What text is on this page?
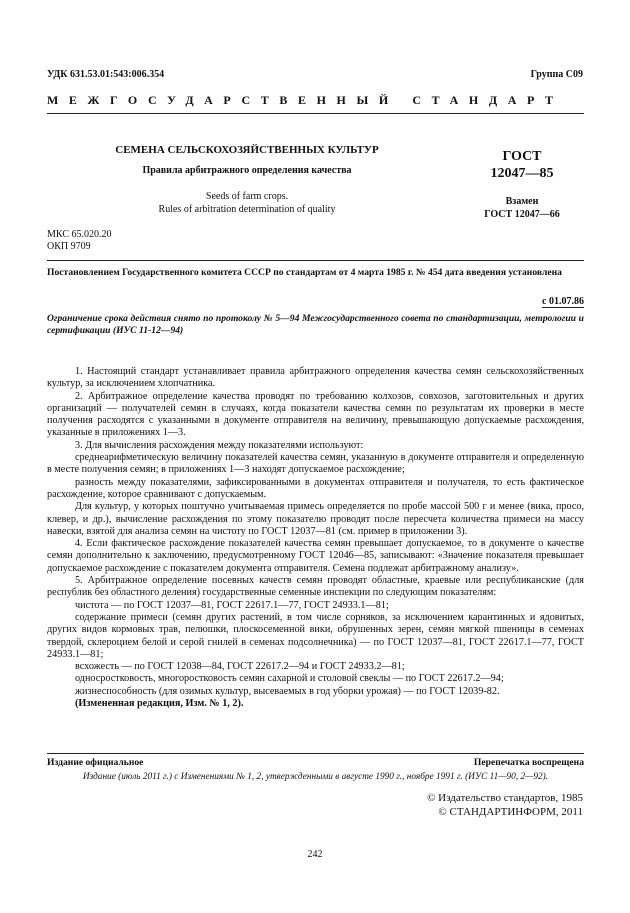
УДК 631.53.01:543:006.354	Группа С09
МЕЖГОСУДАРСТВЕННЫЙ СТАНДАРТ
СЕМЕНА СЕЛЬСКОХОЗЯЙСТВЕННЫХ КУЛЬТУР
Правила арбитражного определения качества
Seeds of farm crops.
Rules of arbitration determination of quality
ГОСТ
12047—85
Взамен
ГОСТ 12047—66
МКС 65.020.20
ОКП 9709
Постановлением Государственного комитета СССР по стандартам от 4 марта 1985 г. № 454 дата введения установлена
с 01.07.86
Ограничение срока действия снято по протоколу № 5—94 Межгосударственного совета по стандартизации, метрологии и сертификации (ИУС 11-12—94)

1. Настоящий стандарт устанавливает правила арбитражного определения качества семян сельскохозяйственных культур, за исключением хлопчатника.

2. Арбитражное определение качества проводят по требованию колхозов, совхозов, заготовительных и других организаций — получателей семян в случаях, когда показатели качества семян по результатам их проверки в месте получения расходятся с указанными в документе отправителя на величину, превышающую допускаемые расхождения, указанные в приложениях 1—3.

3. Для вычисления расхождения между показателями используют:

среднеарифметическую величину показателей качества семян, указанную в документе отправителя и определенную в месте получения семян; в приложениях 1—3 находят допускаемое расхождение;

разность между показателями, зафиксированными в документах отправителя и получателя, то есть фактическое расхождение, которое сравнивают с допускаемым.

Для культур, у которых поштучно учитываемая примесь определяется по пробе массой 500 г и менее (вика, просо, клевер, и др.), вычисление расхождения по этому показателю проводят после пересчета количества примеси на массу навески, взятой для анализа семян на чистоту по ГОСТ 12037—81 (см. пример в приложении 3).

4. Если фактическое расхождение показателей качества семян превышает допускаемое, то в документе о качестве семян дополнительно к заключению, предусмотренному ГОСТ 12046—85, записывают: «Значение показателя превышает допускаемое расхождение с показателем документа отправителя. Семена подлежат арбитражному анализу».

5. Арбитражное определение посевных качеств семян проводят областные, краевые или республиканские (для республик без областного деления) государственные семенные инспекции по следующим показателям:

чистота — по ГОСТ 12037—81, ГОСТ 22617.1—77, ГОСТ 24933.1—81;

содержание примеси (семян других растений, в том числе сорняков, за исключением карантинных и ядовитых, других видов кормовых трав, пелюшки, плоскосеменной вики, обрушенных зерен, семян мягкой пшеницы в семенах твердой, склероцием белой и серой гнилей в семенах подсолнечника) — по ГОСТ 12037—81, ГОСТ 22617.1—77, ГОСТ 24933.1—81;

всхожесть — по ГОСТ 12038—84, ГОСТ 22617.2—94 и ГОСТ 24933.2—81;

односростковость, многоростковость семян сахарной и столовой свеклы — по ГОСТ 22617.2—94;

жизнеспособность (для озимых культур, высеваемых в год уборки урожая) — по ГОСТ 12039-82.

(Измененная редакция, Изм. № 1, 2).

Издание официальное	Перепечатка воспрещена
Издание (июль 2011 г.) с Изменениями № 1, 2, утвержденными в августе 1990 г., ноябре 1991 г. (ИУС 11—90, 2—92).
© Издательство стандартов, 1985
© СТАНДАРТИНФОРМ, 2011
242
